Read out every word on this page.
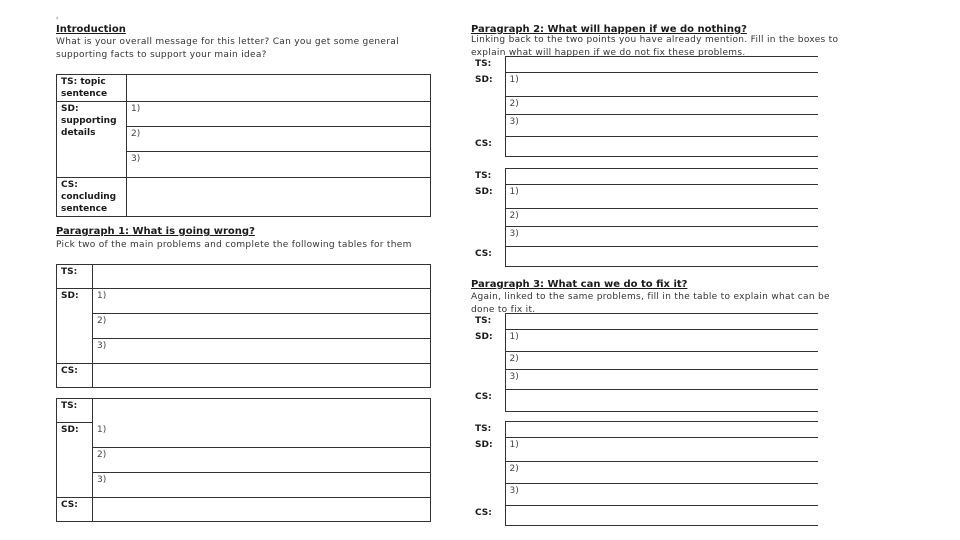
'
Introduction
What is your overall message for this letter? Can you get some general supporting facts to support your main idea?
TS: topic sentence	
SD: supporting details	1)
	2)
	3)
CS: concluding sentence	
Paragraph 1: What is going wrong?
Pick two of the main problems and complete the following tables for them
TS:	
SD:	1)
	2)
	3)
CS:	
TS:	
SD:	1)
	2)
	3)
CS:	
Paragraph 2: What will happen if we do nothing?
Linking back to the two points you have already mention. Fill in the boxes to explain what will happen if we do not fix these problems.
TS:	
SD:	1)
	2)
	3)
CS:	
TS:	
SD:	1)
	2)
	3)
CS:	
Paragraph 3: What can we do to fix it?
Again, linked to the same problems, fill in the table to explain what can be done to fix it.
TS:	
SD:	1)
	2)
	3)
CS:	
TS:	
SD:	1)
	2)
	3)
CS:	
